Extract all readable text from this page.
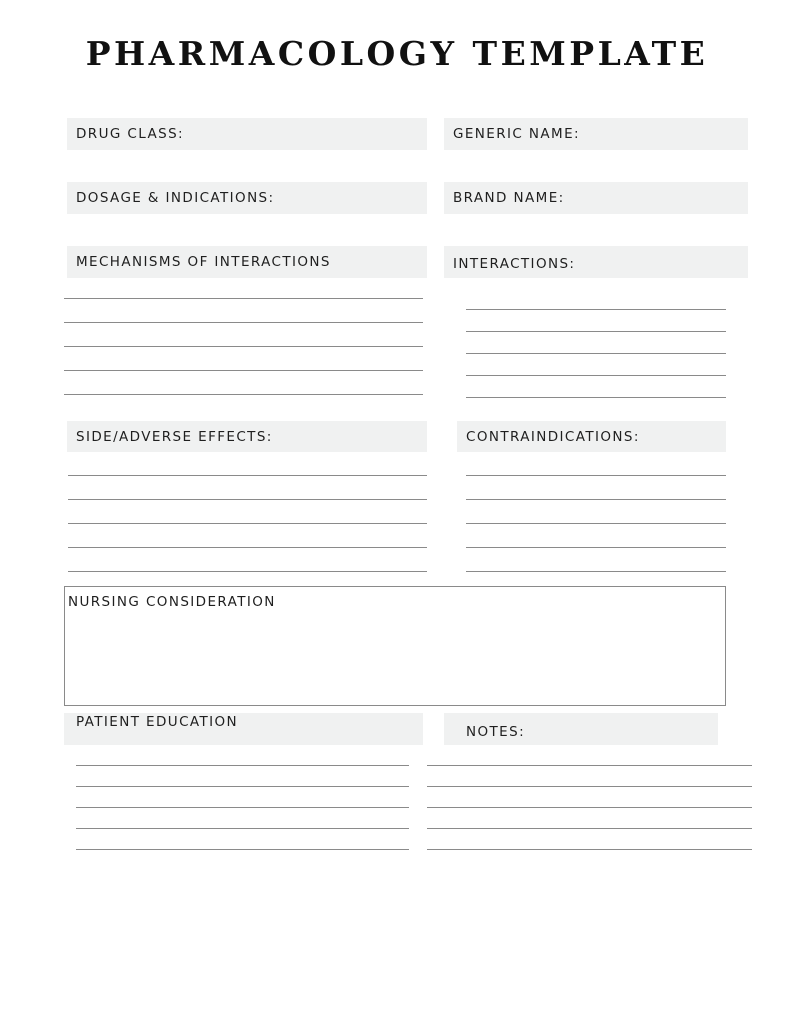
PHARMACOLOGY TEMPLATE
DRUG CLASS:	GENERIC NAME:
DOSAGE & INDICATIONS:	BRAND NAME:
MECHANISMS OF INTERACTIONS	INTERACTIONS:
SIDE/ADVERSE EFFECTS:	CONTRAINDICATIONS:
NURSING CONSIDERATION
PATIENT EDUCATION
NOTES:
